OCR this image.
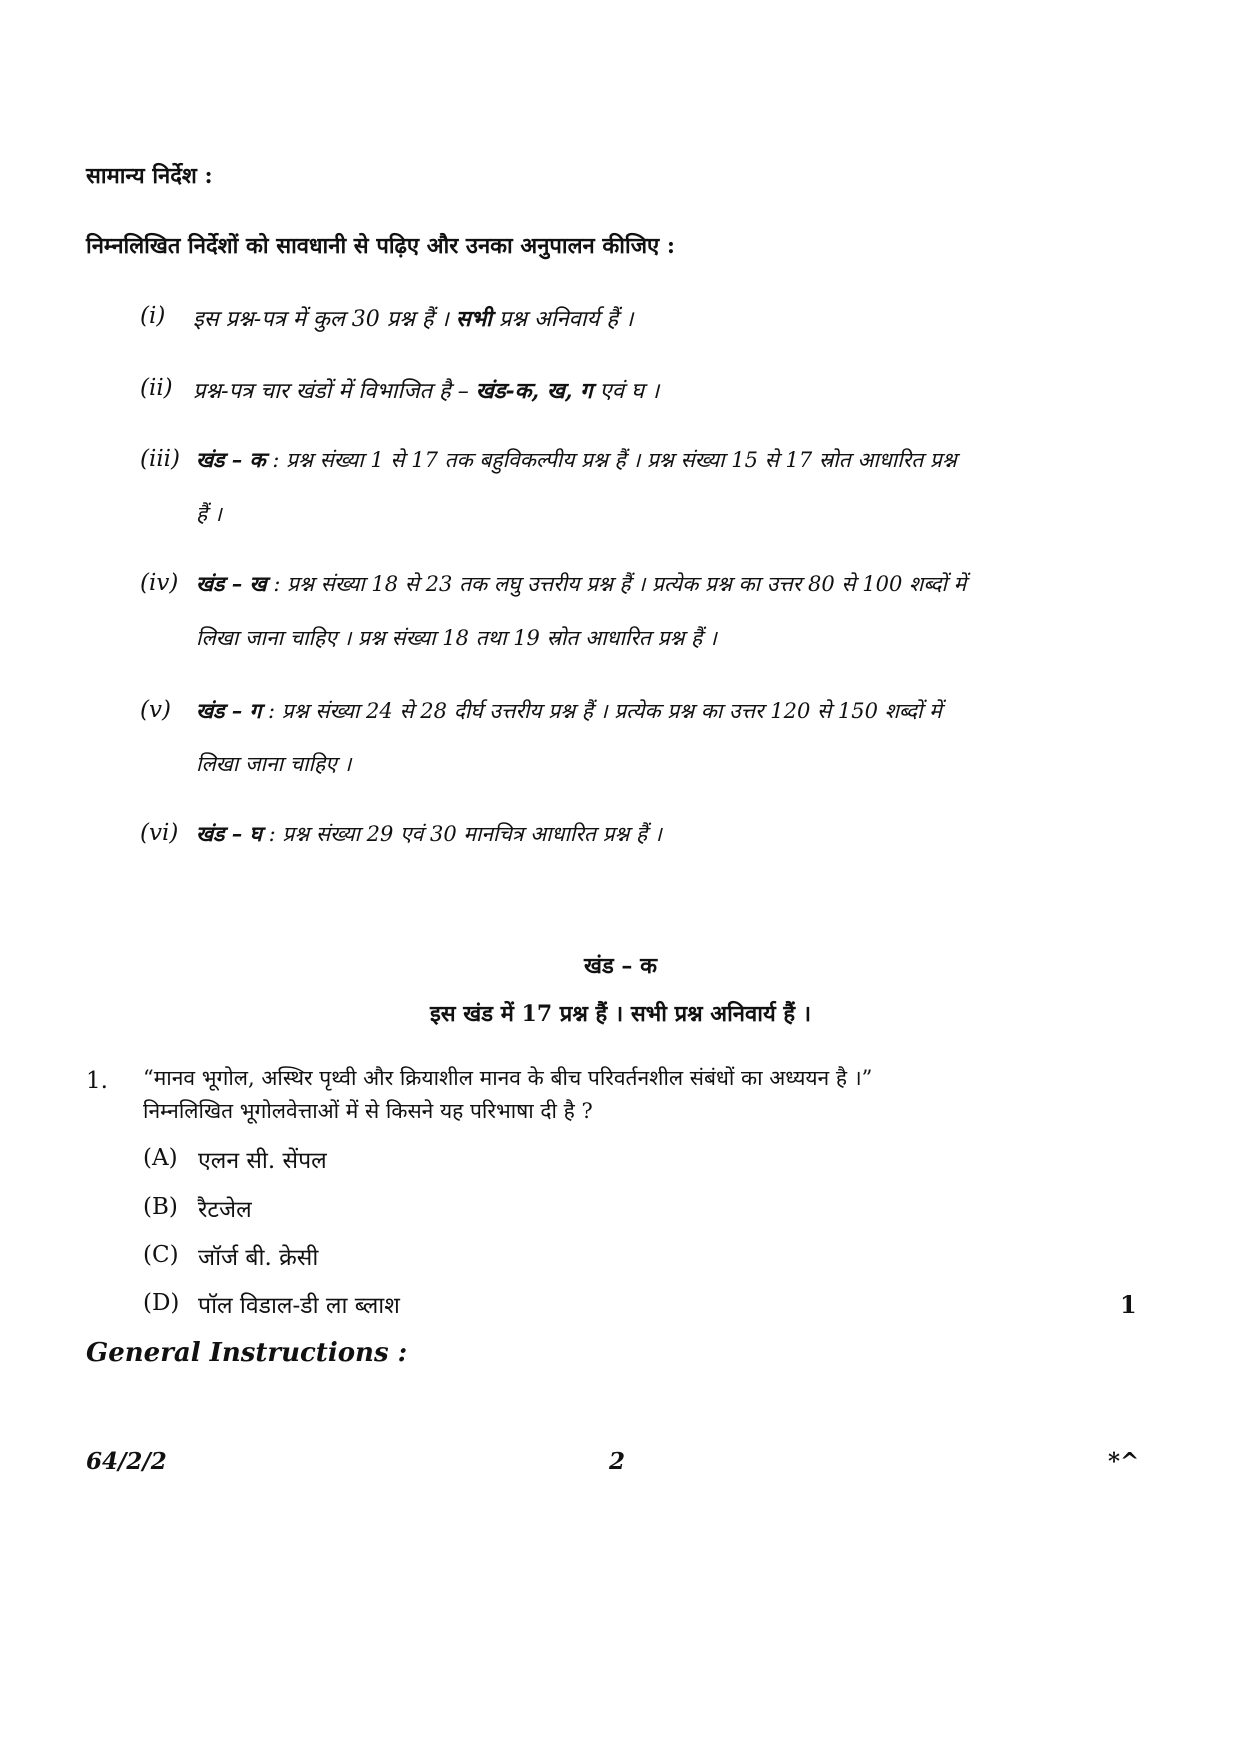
सामान्य निर्देश :
निम्नलिखित निर्देशों को सावधानी से पढ़िए और उनका अनुपालन कीजिए :
(i) इस प्रश्न-पत्र में कुल 30 प्रश्न हैं । सभी प्रश्न अनिवार्य हैं ।
(ii) प्रश्न-पत्र चार खंडों में विभाजित है – खंड-क, ख, ग एवं घ ।
(iii) खंड – क : प्रश्न संख्या 1 से 17 तक बहुविकल्पीय प्रश्न हैं । प्रश्न संख्या 15 से 17 स्रोत आधारित प्रश्न
हैं ।
(iv) खंड – ख : प्रश्न संख्या 18 से 23 तक लघु उत्तरीय प्रश्न हैं । प्रत्येक प्रश्न का उत्तर 80 से 100 शब्दों में
लिखा जाना चाहिए । प्रश्न संख्या 18 तथा 19 स्रोत आधारित प्रश्न हैं ।
(v) खंड – ग : प्रश्न संख्या 24 से 28 दीर्घ उत्तरीय प्रश्न हैं । प्रत्येक प्रश्न का उत्तर 120 से 150 शब्दों में
लिखा जाना चाहिए ।
(vi) खंड – घ : प्रश्न संख्या 29 एवं 30 मानचित्र आधारित प्रश्न हैं ।
खंड – क
इस खंड में 17 प्रश्न हैं । सभी प्रश्न अनिवार्य हैं ।
1. “मानव भूगोल, अस्थिर पृथ्वी और क्रियाशील मानव के बीच परिवर्तनशील संबंधों का अध्ययन है ।”
निम्नलिखित भूगोलवेत्ताओं में से किसने यह परिभाषा दी है ?
(A) एलन सी. सेंपल
(B) रैटजेल
(C) जॉर्ज बी. क्रेसी
(D) पॉल विडाल-डी ला ब्लाश	1
General Instructions :
64/2/2	2	*^
